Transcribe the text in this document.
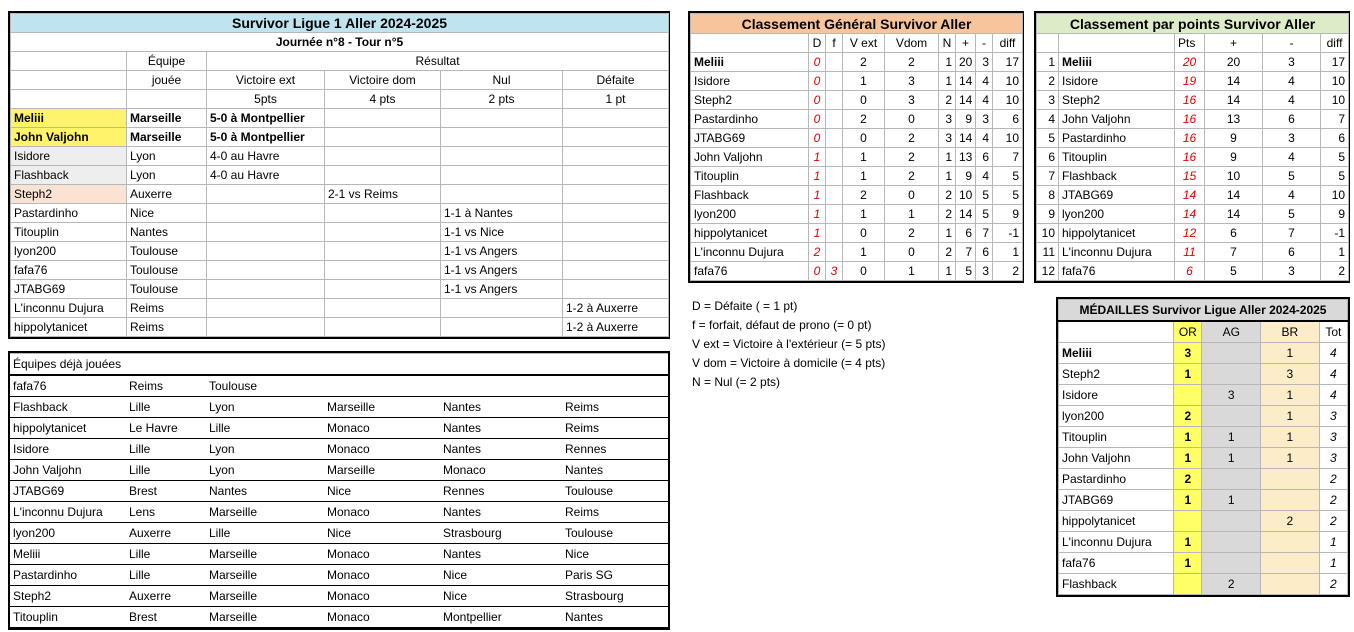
Survivor Ligue 1 Aller 2024-2025					
Journée n°8 - Tour n°5					
	Équipe	Résultat			
	jouée	Victoire ext	Victoire dom	Nul	Défaite
		5pts	4 pts	2 pts	1 pt
Meliii	Marseille	5-0 à Montpellier			
John Valjohn	Marseille	5-0 à Montpellier			
Isidore	Lyon	4-0 au Havre			
Flashback	Lyon	4-0 au Havre			
Steph2	Auxerre		2-1 vs Reims		
Pastardinho	Nice			1-1 à Nantes	
Titouplin	Nantes			1-1 vs Nice	
lyon200	Toulouse			1-1 vs Angers	
fafa76	Toulouse			1-1 vs Angers	
JTABG69	Toulouse			1-1 vs Angers	
L'inconnu Dujura	Reims				1-2 à Auxerre
hippolytanicet	Reims				1-2 à Auxerre
Équipes déjà jouées					
fafa76	Reims	Toulouse			
Flashback	Lille	Lyon	Marseille	Nantes	Reims
hippolytanicet	Le Havre	Lille	Monaco	Nantes	Reims
Isidore	Lille	Lyon	Monaco	Nantes	Rennes
John Valjohn	Lille	Lyon	Marseille	Monaco	Nantes
JTABG69	Brest	Nantes	Nice	Rennes	Toulouse
L'inconnu Dujura	Lens	Marseille	Monaco	Nantes	Reims
lyon200	Auxerre	Lille	Nice	Strasbourg	Toulouse
Meliii	Lille	Marseille	Monaco	Nantes	Nice
Pastardinho	Lille	Marseille	Monaco	Nice	Paris SG
Steph2	Auxerre	Marseille	Monaco	Nice	Strasbourg
Titouplin	Brest	Marseille	Monaco	Montpellier	Nantes
Classement Général Survivor Aller								
	D	f	V ext	Vdom	N	+	-	diff
Meliii	0		2	2	1	20	3	17
Isidore	0		1	3	1	14	4	10
Steph2	0		0	3	2	14	4	10
Pastardinho	0		2	0	3	9	3	6
JTABG69	0		0	2	3	14	4	10
John Valjohn	1		1	2	1	13	6	7
Titouplin	1		1	2	1	9	4	5
Flashback	1		2	0	2	10	5	5
lyon200	1		1	1	2	14	5	9
hippolytanicet	1		0	2	1	6	7	-1
L'inconnu Dujura	2		1	0	2	7	6	1
fafa76	0	3	0	1	1	5	3	2
D = Défaite ( = 1 pt)
f = forfait, défaut de prono (= 0 pt)
V ext = Victoire à l'extérieur (= 5 pts)
V dom = Victoire à domicile (= 4 pts)
N = Nul (= 2 pts)
Classement par points Survivor Aller					
		Pts	+	-	diff
1	Meliii	20	20	3	17
2	Isidore	19	14	4	10
3	Steph2	16	14	4	10
4	John Valjohn	16	13	6	7
5	Pastardinho	16	9	3	6
6	Titouplin	16	9	4	5
7	Flashback	15	10	5	5
8	JTABG69	14	14	4	10
9	lyon200	14	14	5	9
10	hippolytanicet	12	6	7	-1
11	L'inconnu Dujura	11	7	6	1
12	fafa76	6	5	3	2
MÉDAILLES Survivor Ligue Aller 2024-2025				
	OR	AG	BR	Tot
Meliii	3		1	4
Steph2	1		3	4
Isidore		3	1	4
lyon200	2		1	3
Titouplin	1	1	1	3
John Valjohn	1	1	1	3
Pastardinho	2			2
JTABG69	1	1		2
hippolytanicet			2	2
L'inconnu Dujura	1			1
fafa76	1			1
Flashback		2		2
